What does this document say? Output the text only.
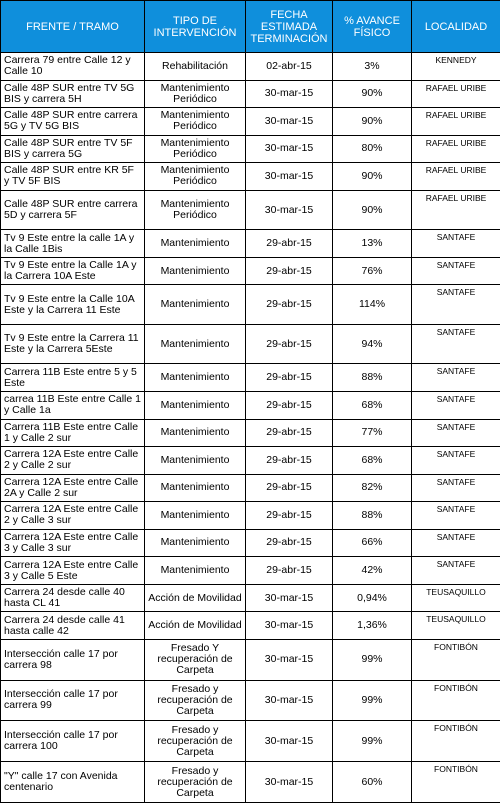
FRENTE / TRAMO	TIPO DE INTERVENCIÓN	FECHA ESTIMADA TERMINACIÓN	% AVANCE FÍSICO	LOCALIDAD
Carrera 79 entre Calle 12 y Calle 10	Rehabilitación	02-abr-15	3%	KENNEDY
Calle 48P SUR entre TV 5G BIS y carrera 5H	Mantenimiento Periódico	30-mar-15	90%	RAFAEL URIBE
Calle 48P SUR entre carrera 5G y TV 5G BIS	Mantenimiento Periódico	30-mar-15	90%	RAFAEL URIBE
Calle 48P SUR entre TV 5F BIS y carrera 5G	Mantenimiento Periódico	30-mar-15	80%	RAFAEL URIBE
Calle 48P SUR entre KR 5F y TV 5F BIS	Mantenimiento Periódico	30-mar-15	90%	RAFAEL URIBE
Calle 48P SUR entre carrera 5D y carrera 5F	Mantenimiento Periódico	30-mar-15	90%	RAFAEL URIBE
Tv 9 Este entre la calle 1A y la Calle 1Bis	Mantenimiento	29-abr-15	13%	SANTAFE
Tv 9 Este entre la Calle 1A y la Carrera 10A Este	Mantenimiento	29-abr-15	76%	SANTAFE
Tv 9 Este entre la Calle 10A Este y la Carrera 11 Este	Mantenimiento	29-abr-15	114%	SANTAFE
Tv 9 Este entre la Carrera 11 Este y la Carrera 5Este	Mantenimiento	29-abr-15	94%	SANTAFE
Carrera 11B Este entre 5 y 5 Este	Mantenimiento	29-abr-15	88%	SANTAFE
carrea 11B Este entre Calle 1 y Calle 1a	Mantenimiento	29-abr-15	68%	SANTAFE
Carrera 11B Este entre Calle 1 y Calle 2 sur	Mantenimiento	29-abr-15	77%	SANTAFE
Carrera 12A Este entre Calle 2 y Calle 2 sur	Mantenimiento	29-abr-15	68%	SANTAFE
Carrera 12A Este entre Calle 2A y Calle 2 sur	Mantenimiento	29-abr-15	82%	SANTAFE
Carrera 12A Este entre Calle 2 y Calle 3 sur	Mantenimiento	29-abr-15	88%	SANTAFE
Carrera 12A Este entre Calle 3 y Calle 3 sur	Mantenimiento	29-abr-15	66%	SANTAFE
Carrera 12A Este entre Calle 3 y Calle 5 Este	Mantenimiento	29-abr-15	42%	SANTAFE
Carrera 24 desde calle 40 hasta CL 41	Acción de Movilidad	30-mar-15	0,94%	TEUSAQUILLO
Carrera 24 desde calle 41 hasta calle 42	Acción de Movilidad	30-mar-15	1,36%	TEUSAQUILLO
Intersección calle 17 por carrera 98	Fresado Y recuperación de Carpeta	30-mar-15	99%	FONTIBÓN
Intersección calle 17 por carrera 99	Fresado y recuperación de Carpeta	30-mar-15	99%	FONTIBÓN
Intersección calle 17 por carrera 100	Fresado y recuperación de Carpeta	30-mar-15	99%	FONTIBÓN
"Y" calle 17 con Avenida centenario	Fresado y recuperación de Carpeta	30-mar-15	60%	FONTIBÓN
